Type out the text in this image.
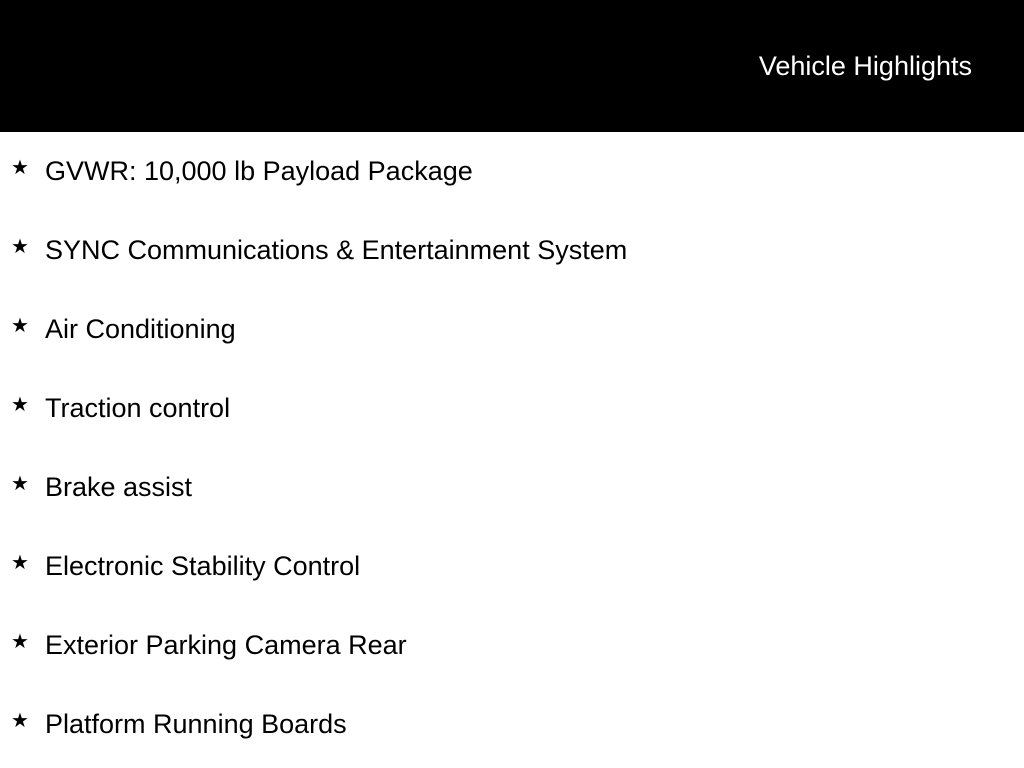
Vehicle Highlights
★ GVWR: 10,000 lb Payload Package
★ SYNC Communications & Entertainment System
★ Air Conditioning
★ Traction control
★ Brake assist
★ Electronic Stability Control
★ Exterior Parking Camera Rear
★ Platform Running Boards
